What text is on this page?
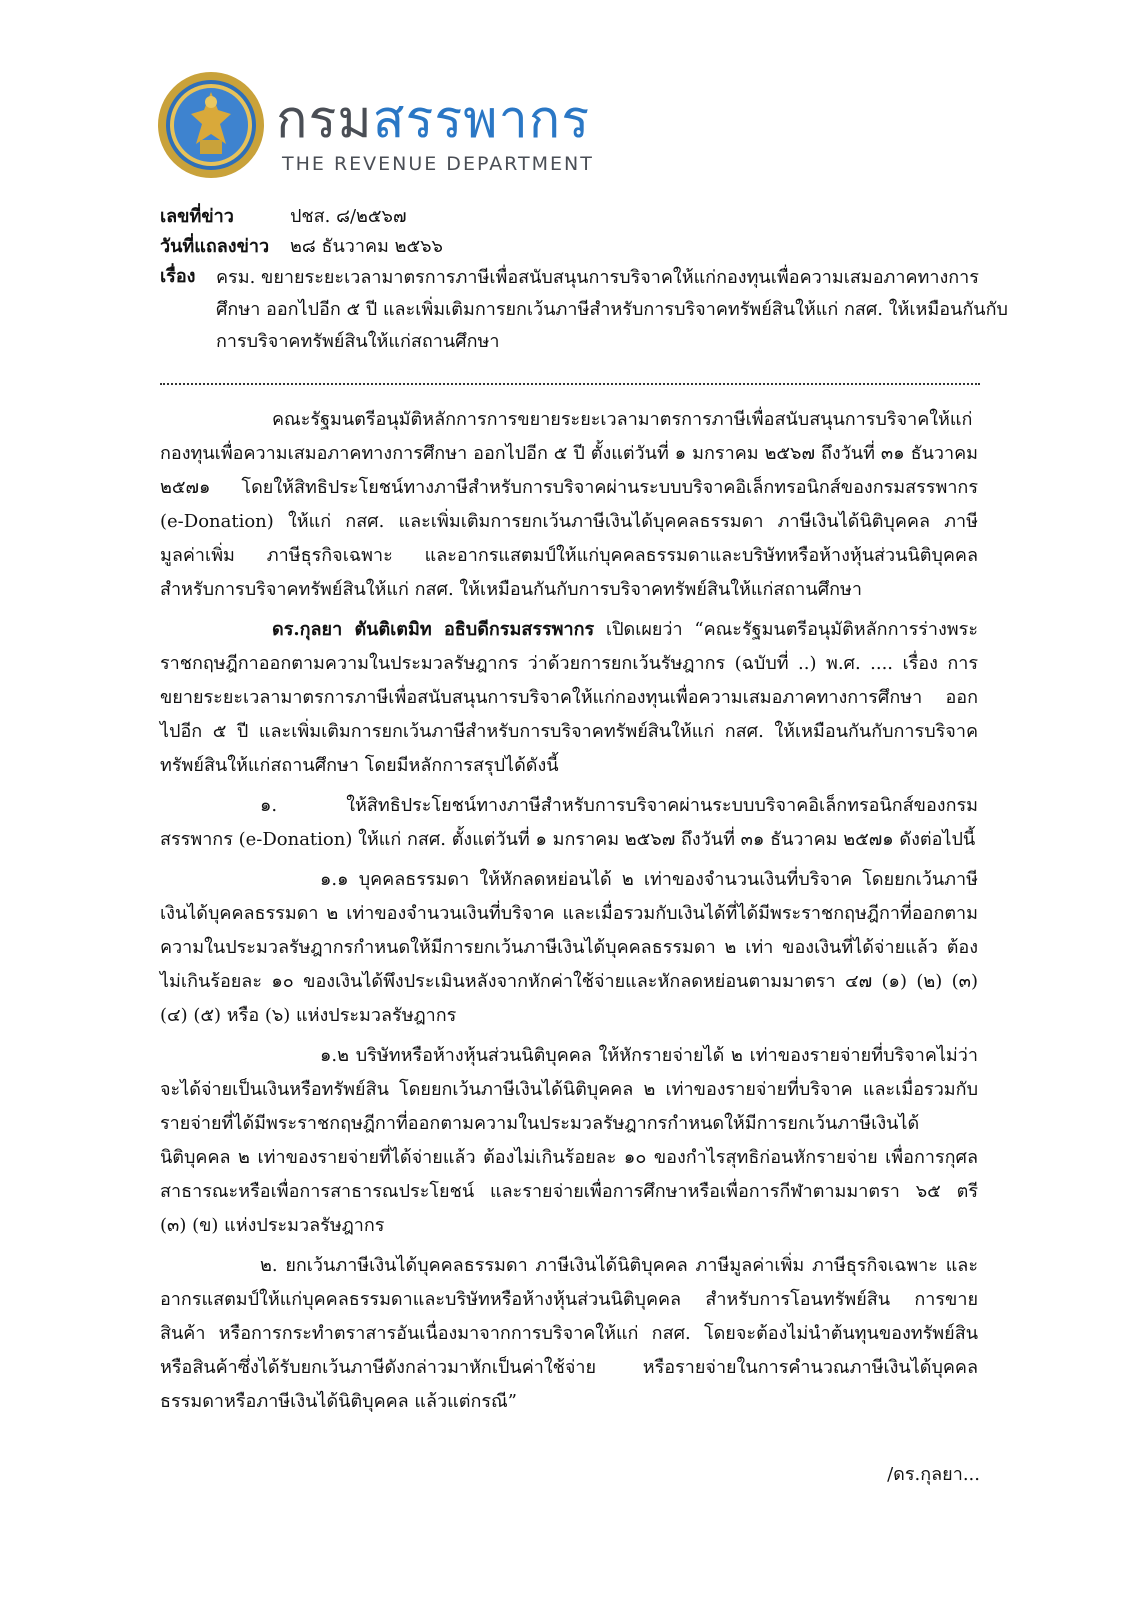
กรมสรรพากร
THE REVENUE DEPARTMENT
เลขที่ข่าว	ปชส. ๘/๒๕๖๗
วันที่แถลงข่าว	๒๘ ธันวาคม ๒๕๖๖
เรื่อง	ครม. ขยายระยะเวลามาตรการภาษีเพื่อสนับสนุนการบริจาคให้แก่กองทุนเพื่อความเสมอภาคทางการศึกษา ออกไปอีก ๕ ปี และเพิ่มเติมการยกเว้นภาษีสำหรับการบริจาคทรัพย์สินให้แก่ กสศ. ให้เหมือนกันกับการบริจาคทรัพย์สินให้แก่สถานศึกษา

คณะรัฐมนตรีอนุมัติหลักการการขยายระยะเวลามาตรการภาษีเพื่อสนับสนุนการบริจาคให้แก่กองทุนเพื่อความเสมอภาคทางการศึกษา ออกไปอีก ๕ ปี ตั้งแต่วันที่ ๑ มกราคม ๒๕๖๗ ถึงวันที่ ๓๑ ธันวาคม ๒๕๗๑ โดยให้สิทธิประโยชน์ทางภาษีสำหรับการบริจาคผ่านระบบบริจาคอิเล็กทรอนิกส์ของกรมสรรพากร (e-Donation) ให้แก่ กสศ. และเพิ่มเติมการยกเว้นภาษีเงินได้บุคคลธรรมดา ภาษีเงินได้นิติบุคคล ภาษีมูลค่าเพิ่ม ภาษีธุรกิจเฉพาะ และอากรแสตมป์ให้แก่บุคคลธรรมดาและบริษัทหรือห้างหุ้นส่วนนิติบุคคล สำหรับการบริจาคทรัพย์สินให้แก่ กสศ. ให้เหมือนกันกับการบริจาคทรัพย์สินให้แก่สถานศึกษา

ดร.กุลยา ตันติเตมิท อธิบดีกรมสรรพากร เปิดเผยว่า “คณะรัฐมนตรีอนุมัติหลักการร่างพระราชกฤษฎีกาออกตามความในประมวลรัษฎากร ว่าด้วยการยกเว้นรัษฎากร (ฉบับที่ ..) พ.ศ. .... เรื่อง การขยายระยะเวลามาตรการภาษีเพื่อสนับสนุนการบริจาคให้แก่กองทุนเพื่อความเสมอภาคทางการศึกษา ออกไปอีก ๕ ปี และเพิ่มเติมการยกเว้นภาษีสำหรับการบริจาคทรัพย์สินให้แก่ กสศ. ให้เหมือนกันกับการบริจาคทรัพย์สินให้แก่สถานศึกษา โดยมีหลักการสรุปได้ดังนี้

๑. ให้สิทธิประโยชน์ทางภาษีสำหรับการบริจาคผ่านระบบบริจาคอิเล็กทรอนิกส์ของกรมสรรพากร (e-Donation) ให้แก่ กสศ. ตั้งแต่วันที่ ๑ มกราคม ๒๕๖๗ ถึงวันที่ ๓๑ ธันวาคม ๒๕๗๑ ดังต่อไปนี้

๑.๑ บุคคลธรรมดา ให้หักลดหย่อนได้ ๒ เท่าของจำนวนเงินที่บริจาค โดยยกเว้นภาษีเงินได้บุคคลธรรมดา ๒ เท่าของจำนวนเงินที่บริจาค และเมื่อรวมกับเงินได้ที่ได้มีพระราชกฤษฎีกาที่ออกตามความในประมวลรัษฎากรกำหนดให้มีการยกเว้นภาษีเงินได้บุคคลธรรมดา ๒ เท่า ของเงินที่ได้จ่ายแล้ว ต้องไม่เกินร้อยละ ๑๐ ของเงินได้พึงประเมินหลังจากหักค่าใช้จ่ายและหักลดหย่อนตามมาตรา ๔๗ (๑) (๒) (๓) (๔) (๕) หรือ (๖) แห่งประมวลรัษฎากร

๑.๒ บริษัทหรือห้างหุ้นส่วนนิติบุคคล ให้หักรายจ่ายได้ ๒ เท่าของรายจ่ายที่บริจาคไม่ว่าจะได้จ่ายเป็นเงินหรือทรัพย์สิน โดยยกเว้นภาษีเงินได้นิติบุคคล ๒ เท่าของรายจ่ายที่บริจาค และเมื่อรวมกับรายจ่ายที่ได้มีพระราชกฤษฎีกาที่ออกตามความในประมวลรัษฎากรกำหนดให้มีการยกเว้นภาษีเงินได้นิติบุคคล ๒ เท่าของรายจ่ายที่ได้จ่ายแล้ว ต้องไม่เกินร้อยละ ๑๐ ของกำไรสุทธิก่อนหักรายจ่าย เพื่อการกุศลสาธารณะหรือเพื่อการสาธารณประโยชน์ และรายจ่ายเพื่อการศึกษาหรือเพื่อการกีฬาตามมาตรา ๖๕ ตรี (๓) (ข) แห่งประมวลรัษฎากร

๒. ยกเว้นภาษีเงินได้บุคคลธรรมดา ภาษีเงินได้นิติบุคคล ภาษีมูลค่าเพิ่ม ภาษีธุรกิจเฉพาะ และอากรแสตมป์ให้แก่บุคคลธรรมดาและบริษัทหรือห้างหุ้นส่วนนิติบุคคล สำหรับการโอนทรัพย์สิน การขายสินค้า หรือการกระทำตราสารอันเนื่องมาจากการบริจาคให้แก่ กสศ. โดยจะต้องไม่นำต้นทุนของทรัพย์สินหรือสินค้าซึ่งได้รับยกเว้นภาษีดังกล่าวมาหักเป็นค่าใช้จ่าย หรือรายจ่ายในการคำนวณภาษีเงินได้บุคคลธรรมดาหรือภาษีเงินได้นิติบุคคล แล้วแต่กรณี”

/ดร.กุลยา...
